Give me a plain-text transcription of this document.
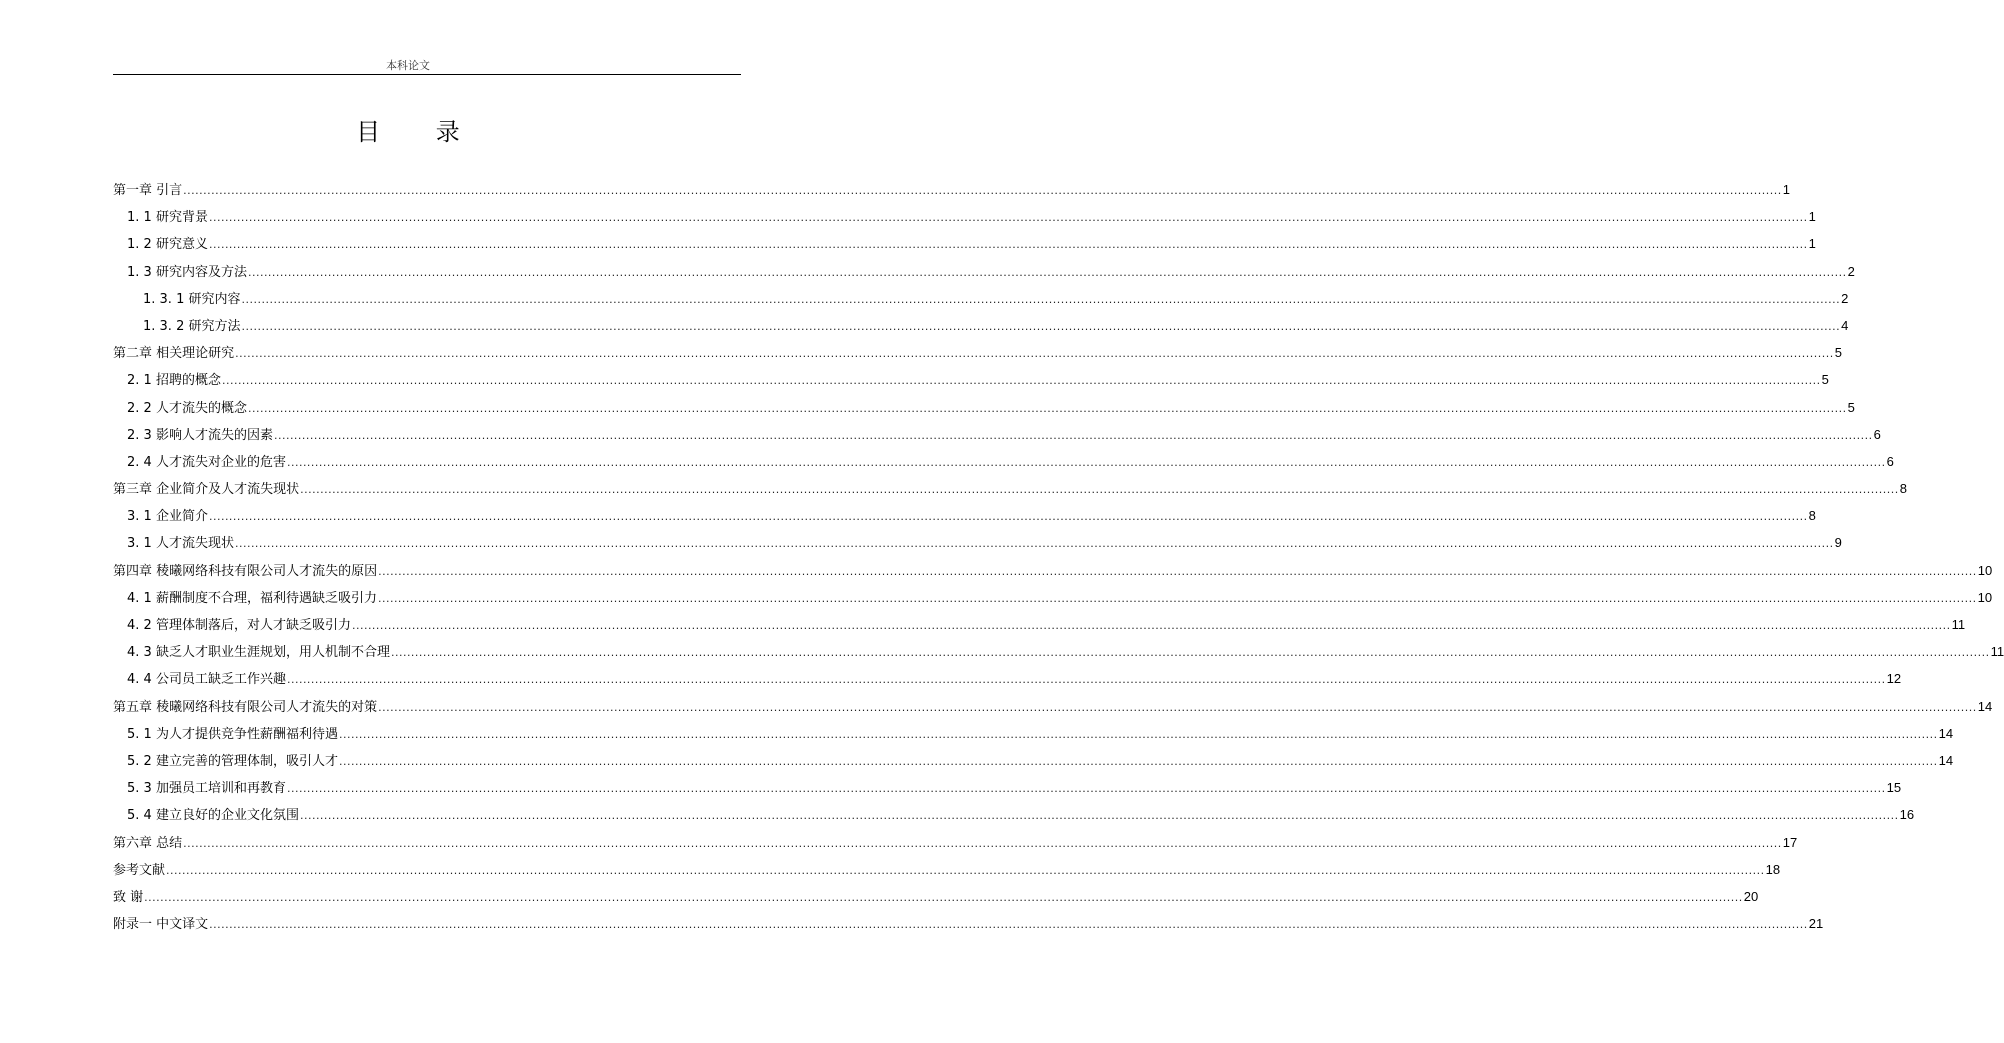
本科论文
目 录
第一章 引言 ................................................................................................................................................................................................................................................................................................................................................................................................................ 1
1. 1 研究背景 ................................................................................................................................................................................................................................................................................................................................................................................................................ 1
1. 2 研究意义 ................................................................................................................................................................................................................................................................................................................................................................................................................ 1
1. 3 研究内容及方法 ................................................................................................................................................................................................................................................................................................................................................................................................................ 2
1. 3. 1 研究内容 ................................................................................................................................................................................................................................................................................................................................................................................................................ 2
1. 3. 2 研究方法 ................................................................................................................................................................................................................................................................................................................................................................................................................ 4
第二章 相关理论研究 ................................................................................................................................................................................................................................................................................................................................................................................................................ 5
2. 1 招聘的概念 ................................................................................................................................................................................................................................................................................................................................................................................................................ 5
2. 2 人才流失的概念 ................................................................................................................................................................................................................................................................................................................................................................................................................ 5
2. 3 影响人才流失的因素 ................................................................................................................................................................................................................................................................................................................................................................................................................ 6
2. 4 人才流失对企业的危害 ................................................................................................................................................................................................................................................................................................................................................................................................................ 6
第三章 企业简介及人才流失现状 ................................................................................................................................................................................................................................................................................................................................................................................................................ 8
3. 1 企业简介 ................................................................................................................................................................................................................................................................................................................................................................................................................ 8
3. 1 人才流失现状 ................................................................................................................................................................................................................................................................................................................................................................................................................ 9
第四章 稜曦网络科技有限公司人才流失的原因 ................................................................................................................................................................................................................................................................................................................................................................................................................ 10
4. 1 薪酬制度不合理，福利待遇缺乏吸引力 ................................................................................................................................................................................................................................................................................................................................................................................................................ 10
4. 2 管理体制落后，对人才缺乏吸引力 ................................................................................................................................................................................................................................................................................................................................................................................................................ 11
4. 3 缺乏人才职业生涯规划，用人机制不合理 ................................................................................................................................................................................................................................................................................................................................................................................................................ 11
4. 4 公司员工缺乏工作兴趣 ................................................................................................................................................................................................................................................................................................................................................................................................................ 12
第五章 稜曦网络科技有限公司人才流失的对策 ................................................................................................................................................................................................................................................................................................................................................................................................................ 14
5. 1 为人才提供竞争性薪酬福利待遇 ................................................................................................................................................................................................................................................................................................................................................................................................................ 14
5. 2 建立完善的管理体制，吸引人才 ................................................................................................................................................................................................................................................................................................................................................................................................................ 14
5. 3 加强员工培训和再教育 ................................................................................................................................................................................................................................................................................................................................................................................................................ 15
5. 4 建立良好的企业文化氛围 ................................................................................................................................................................................................................................................................................................................................................................................................................ 16
第六章 总结 ................................................................................................................................................................................................................................................................................................................................................................................................................ 17
参考文献 ................................................................................................................................................................................................................................................................................................................................................................................................................ 18
致 谢 ................................................................................................................................................................................................................................................................................................................................................................................................................ 20
附录一 中文译文 ................................................................................................................................................................................................................................................................................................................................................................................................................ 21
